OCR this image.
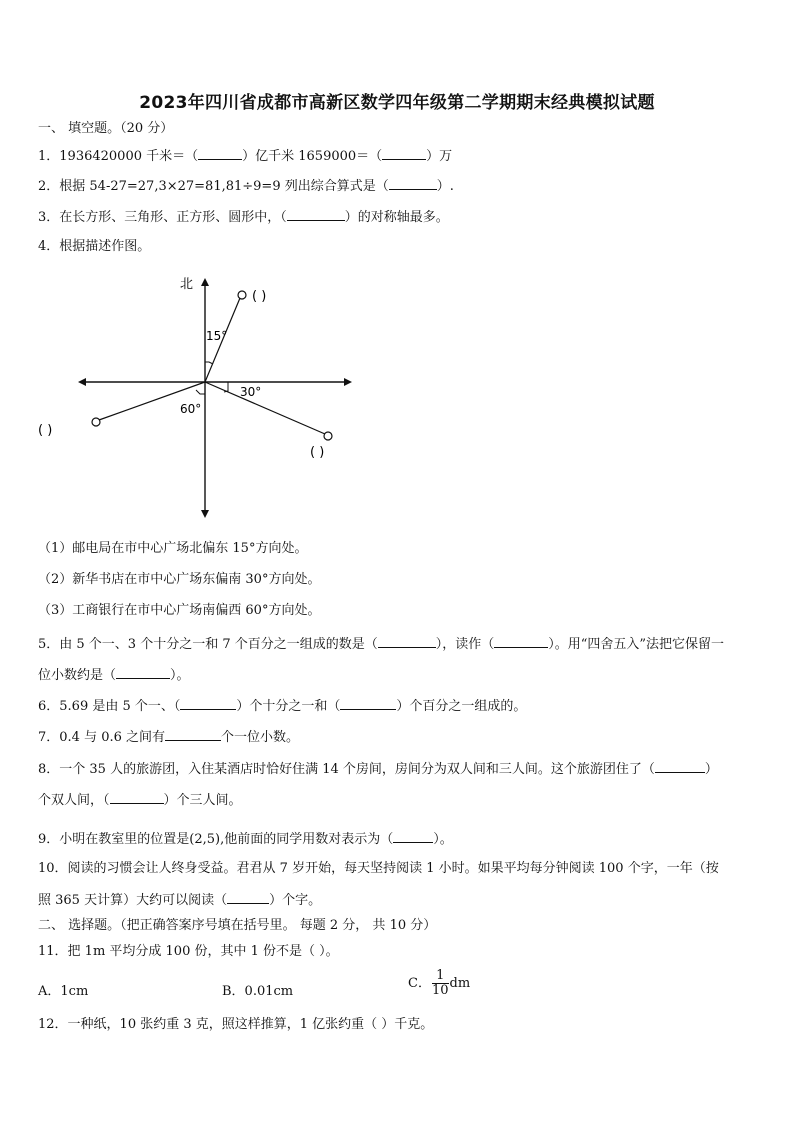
2023年四川省成都市高新区数学四年级第二学期期末经典模拟试题
一、 填空题。（20 分）
1．1936420000 千米＝（	）亿千米 1659000＝（	）万
2．根据 54-27=27,3×27=81,81÷9=9 列出综合算式是（	）.
3．在长方形、三角形、正方形、圆形中，（	）的对称轴最多。
4．根据描述作图。
北
( )
15°
( )
30°
( )
60°
（1）邮电局在市中心广场北偏东 15°方向处。
（2）新华书店在市中心广场东偏南 30°方向处。
（3）工商银行在市中心广场南偏西 60°方向处。
5．由 5 个一、3 个十分之一和 7 个百分之一组成的数是（	），读作（	）。用“四舍五入”法把它保留一
位小数约是（	）。
6．5.69 是由 5 个一、（	）个十分之一和（	）个百分之一组成的。
7．0.4 与 0.6 之间有	个一位小数。
8．一个 35 人的旅游团，入住某酒店时恰好住满 14 个房间，房间分为双人间和三人间。这个旅游团住了（	）
个双人间，（	）个三人间。
9．小明在教室里的位置是(2,5),他前面的同学用数对表示为（	）。
10．阅读的习惯会让人终身受益。君君从 7 岁开始，每天坚持阅读 1 小时。如果平均每分钟阅读 100 个字，一年（按
照 365 天计算）大约可以阅读（	）个字。
二、 选择题。（把正确答案序号填在括号里。 每题 2 分， 共 10 分）
11．把 1m 平均分成 100 份，其中 1 份不是（ ）。
A．1cm	B．0.01cm
C． $\frac{1}{10}$ dm
12．一种纸，10 张约重 3 克，照这样推算，1 亿张约重（ ）千克。
